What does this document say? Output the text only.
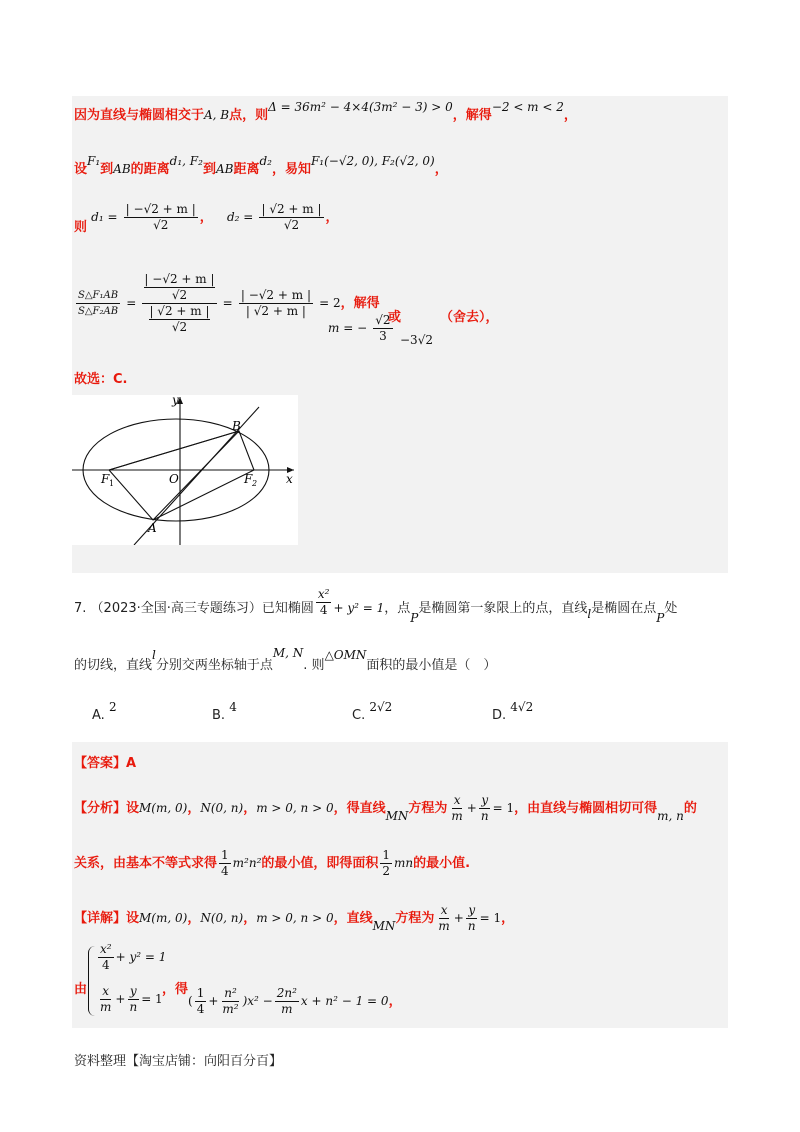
因为直线与椭圆相交于A, B点，则Δ = 36m² − 4×4(3m² − 3) > 0，解得−2 < m < 2，
设F₁到AB的距离d₁, F₂到AB距离d₂，易知F₁(−√2, 0), F₂(√2, 0)，
则 $d_1 = \frac{| -√2 + m |}{√2}$ ， $d_2 = \frac{| √2 + m |}{√2}$ ，
$\frac{\text{S△F₁AB}}{\text{S△F₂AB}} = \frac{\frac{| -√2 + m |}{√2}}{\frac{| √2 + m |}{√2}} = \frac{| -√2 + m |}{| √2 + m |} = 2$，解得
m = − $\frac{√2}{3}$
或	（舍去），
−3√2
故选：C.
y
x
O
F 1	F 2
A
B
7. （2023·全国·高三专题练习）已知椭圆 $\frac{\text{x²}}{4} + y^2 = 1$，点P是椭圆第一象限上的点，直线l是椭圆在点P处
的切线，直线l分别交两坐标轴于点M, N. 则△OMN面积的最小值是（　）
A. 2
B. 4
C. 2√2
D. 4√2
【答案】A
【分析】设M(m, 0)，N(0, n)，m > 0, n > 0，得直线MN方程为 $\frac{x}{m} + \frac{y}{n} = 1$，由直线与椭圆相切可得m, n的
关系，由基本不等式求得 $\frac{1}{4} m^2n^2$的最小值，即得面积 $\frac{1}{2}$ mn的最小值.
【详解】设M(m, 0)，N(0, n)，m > 0, n > 0，直线MN方程为 $\frac{x}{m} + \frac{y}{n} = 1$，
由
$\frac{\text{x²}}{4} + y^2 = 1$
$\frac{x}{m} + \frac{y}{n} = 1$
，得
( $\frac{1}{4} + \frac{\text{n²}}{\text{m²}} )x^2 - \frac{\text{2n²}}{m}$ x + n² − 1 = 0，
资料整理【淘宝店铺：向阳百分百】
